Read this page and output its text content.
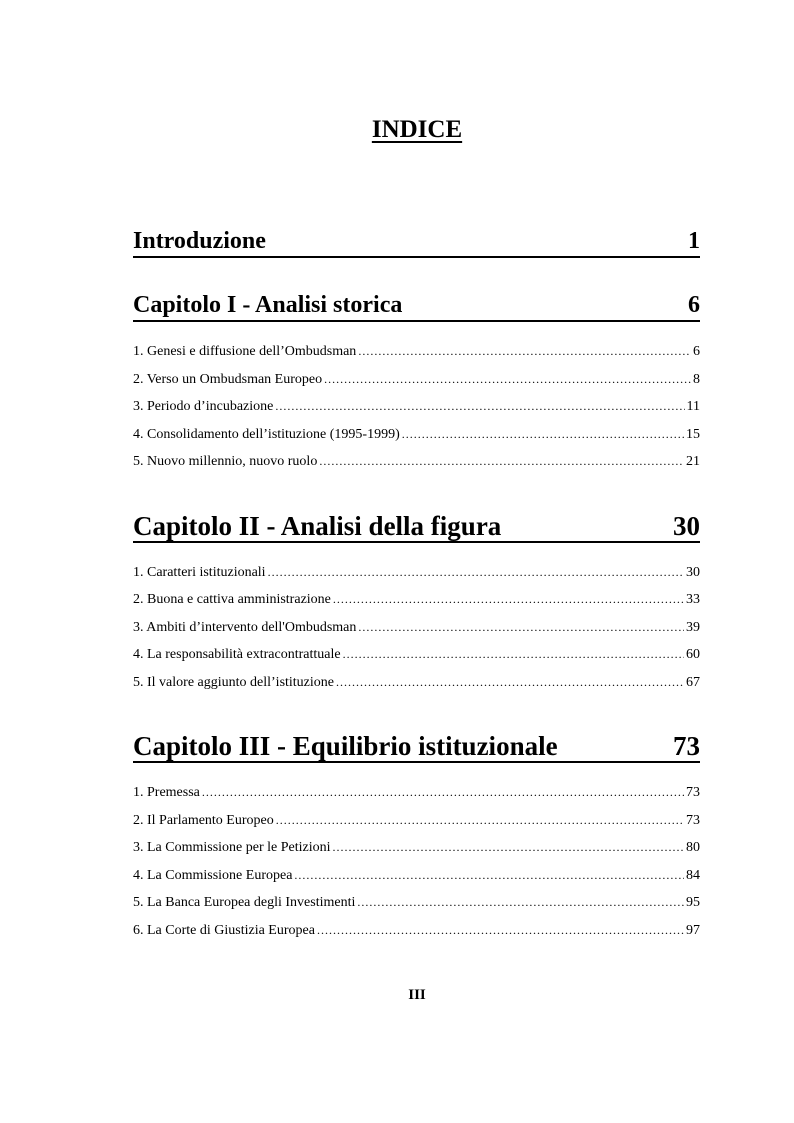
INDICE
Introduzione	1
Capitolo I - Analisi storica	6
1. Genesi e diffusione dell’Ombudsman .....	6
2. Verso un Ombudsman Europeo .....	8
3. Periodo d’incubazione .....	11
4. Consolidamento dell’istituzione (1995-1999) .....	15
5. Nuovo millennio, nuovo ruolo .....	21
Capitolo II - Analisi della figura	30
1. Caratteri istituzionali .....	30
2. Buona e cattiva amministrazione .....	33
3. Ambiti d’intervento dell'Ombudsman .....	39
4. La responsabilità extracontrattuale .....	60
5. Il valore aggiunto dell’istituzione .....	67
Capitolo III - Equilibrio istituzionale	73
1. Premessa .....	73
2. Il Parlamento Europeo .....	73
3. La Commissione per le Petizioni .....	80
4. La Commissione Europea .....	84
5. La Banca Europea degli Investimenti .....	95
6. La Corte di Giustizia Europea .....	97

III
